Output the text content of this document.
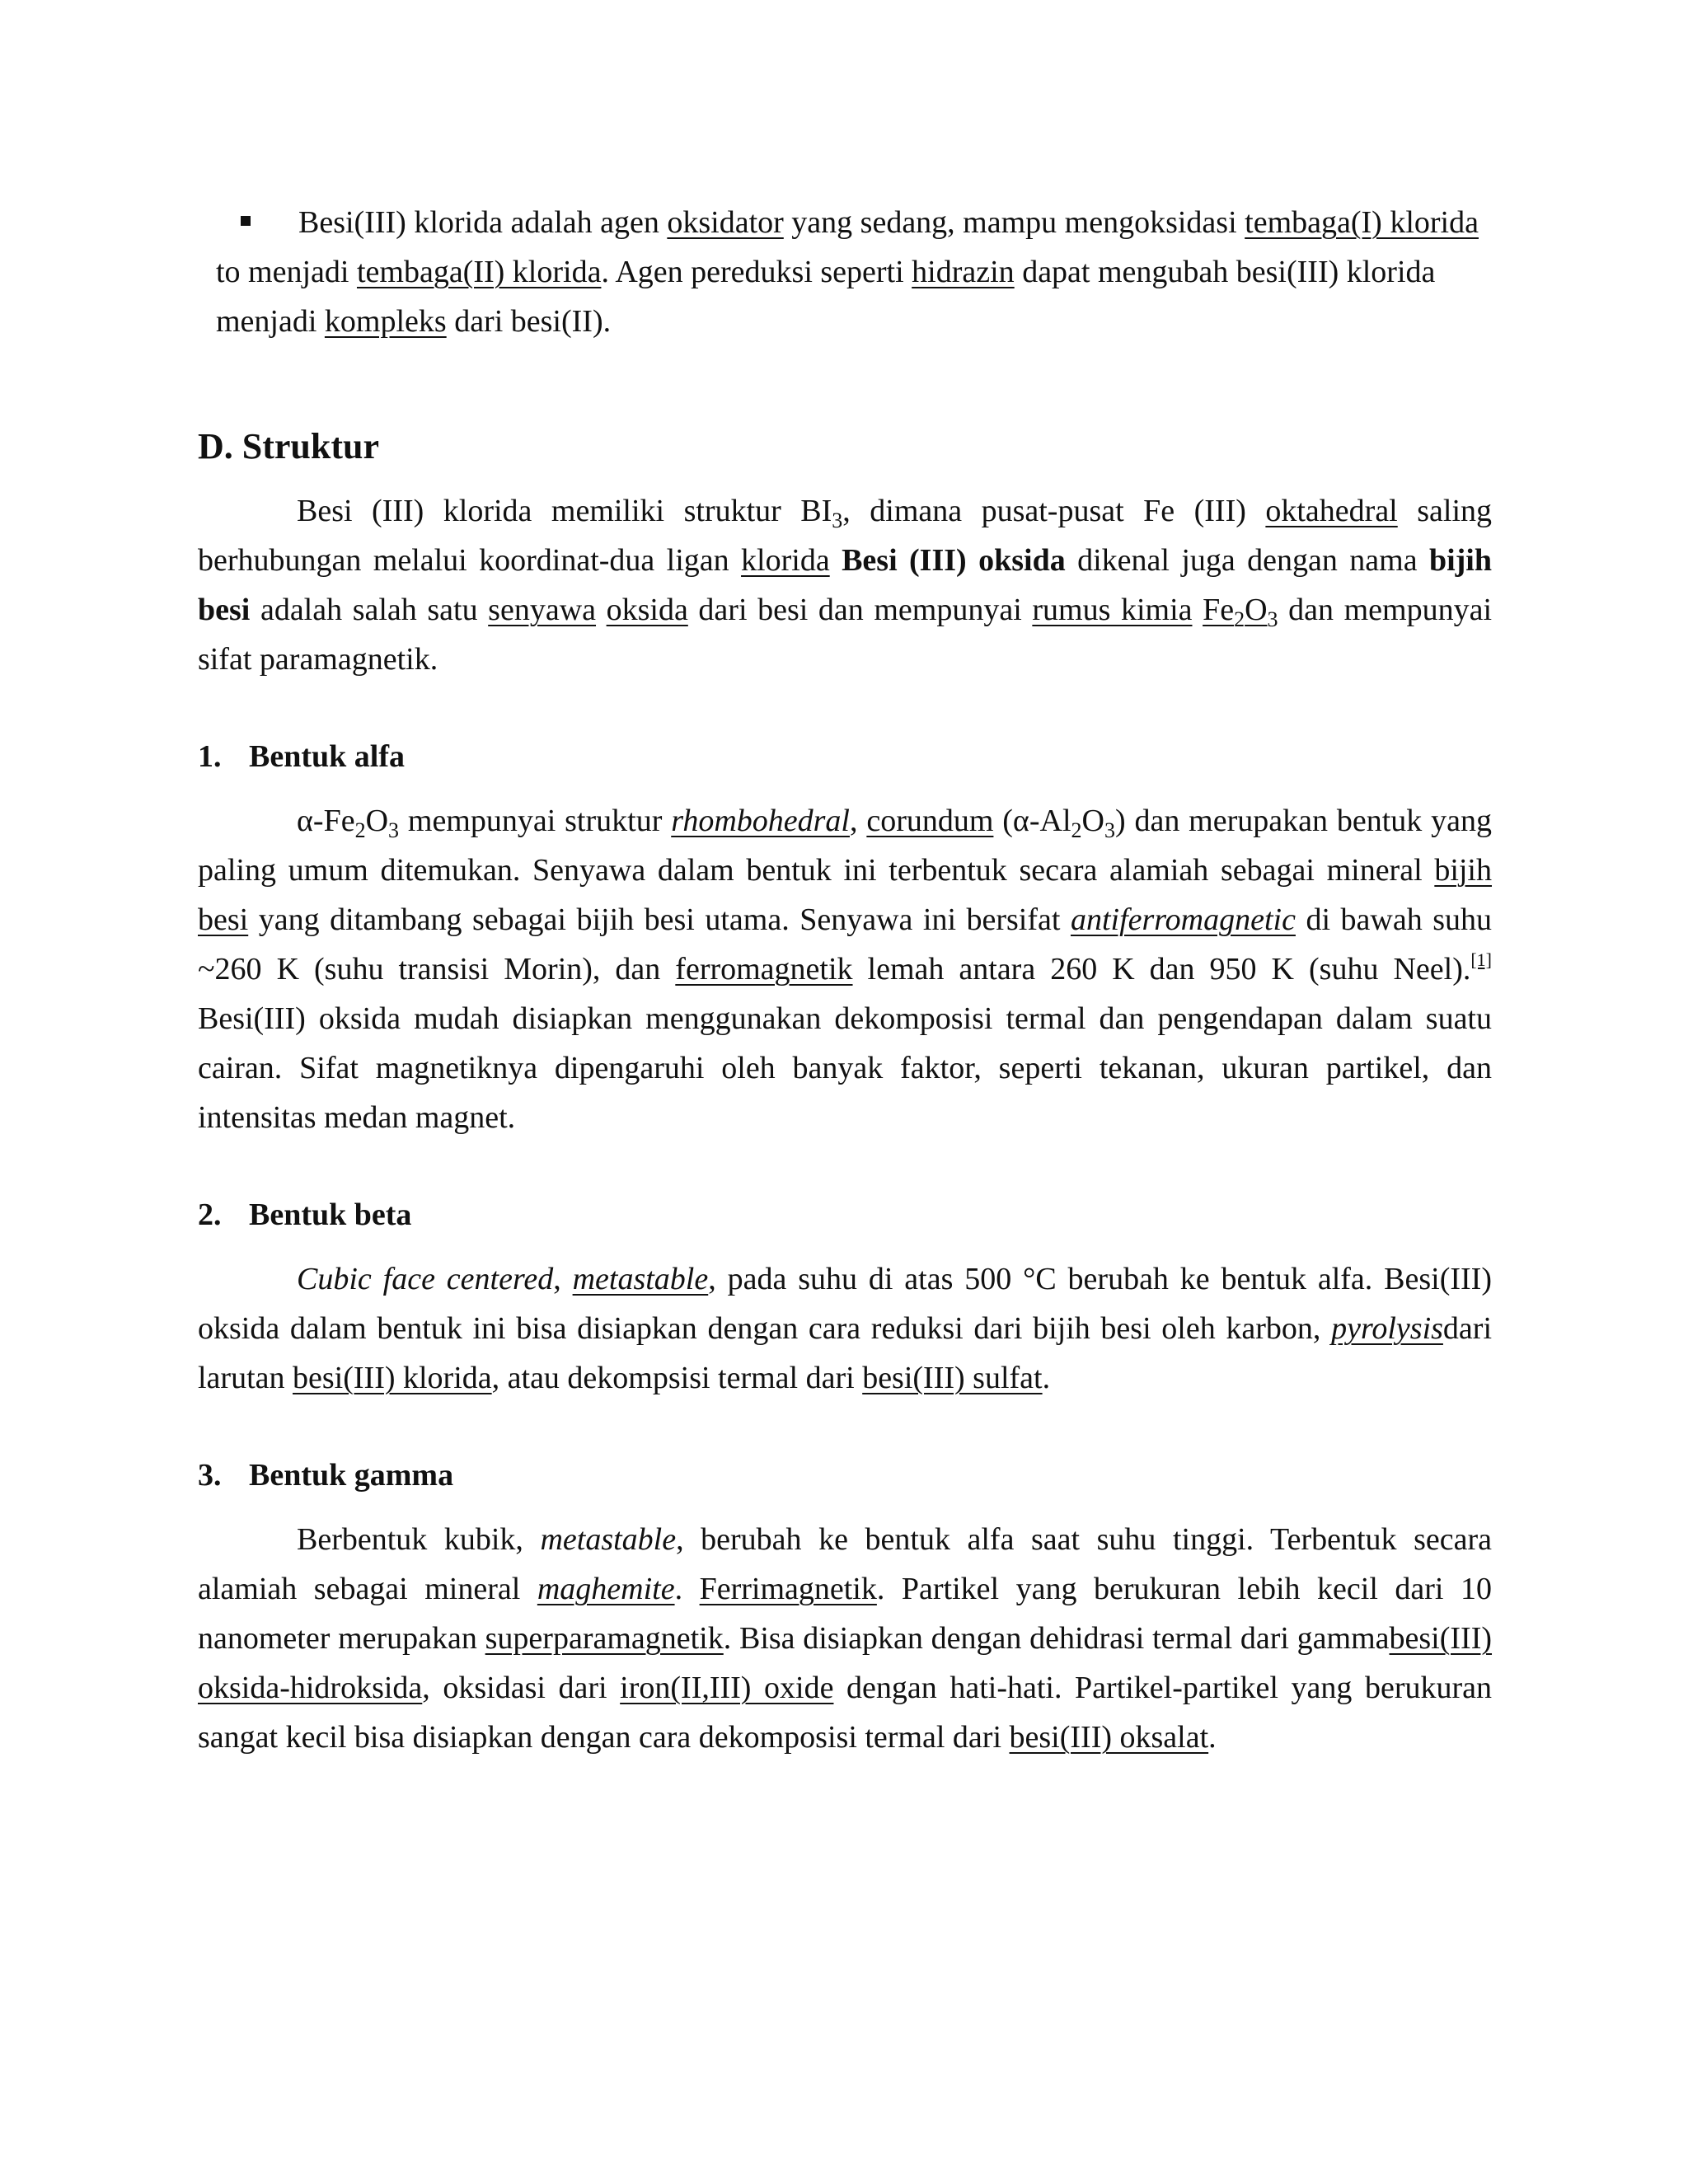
Besi(III) klorida adalah agen oksidator yang sedang, mampu mengoksidasi tembaga(I) klorida to menjadi tembaga(II) klorida. Agen pereduksi seperti hidrazin dapat mengubah besi(III) klorida menjadi kompleks dari besi(II).

D. Struktur

Besi (III) klorida memiliki struktur $BI_3$, dimana pusat-pusat Fe (III) oktahedral saling berhubungan melalui koordinat-dua ligan klorida Besi (III) oksida dikenal juga dengan nama bijih besi adalah salah satu senyawa oksida dari besi dan mempunyai rumus kimia $Fe_2O_3$ dan mempunyai sifat paramagnetik.

1. Bentuk alfa

$\alpha-Fe_2O_3$ mempunyai struktur rhombohedral, corundum $(\alpha-Al_2O_3)$ dan merupakan bentuk yang paling umum ditemukan. Senyawa dalam bentuk ini terbentuk secara alamiah sebagai mineral bijih besi yang ditambang sebagai bijih besi utama. Senyawa ini bersifat antiferromagnetic di bawah suhu ~260 K (suhu transisi Morin), dan ferromagnetik lemah antara 260 K dan 950 K (suhu Neel).[1] Besi(III) oksida mudah disiapkan menggunakan dekomposisi termal dan pengendapan dalam suatu cairan. Sifat magnetiknya dipengaruhi oleh banyak faktor, seperti tekanan, ukuran partikel, dan intensitas medan magnet.

2. Bentuk beta

Cubic face centered, metastable, pada suhu di atas 500 °C berubah ke bentuk alfa. Besi(III) oksida dalam bentuk ini bisa disiapkan dengan cara reduksi dari bijih besi oleh karbon, pyrolysisdari larutan besi(III) klorida, atau dekompsisi termal dari besi(III) sulfat.

3. Bentuk gamma

Berbentuk kubik, metastable, berubah ke bentuk alfa saat suhu tinggi. Terbentuk secara alamiah sebagai mineral maghemite. Ferrimagnetik. Partikel yang berukuran lebih kecil dari 10 nanometer merupakan superparamagnetik. Bisa disiapkan dengan dehidrasi termal dari gammabesi(III) oksida-hidroksida, oksidasi dari iron(II,III) oxide dengan hati-hati. Partikel-partikel yang berukuran sangat kecil bisa disiapkan dengan cara dekomposisi termal dari besi(III) oksalat.
